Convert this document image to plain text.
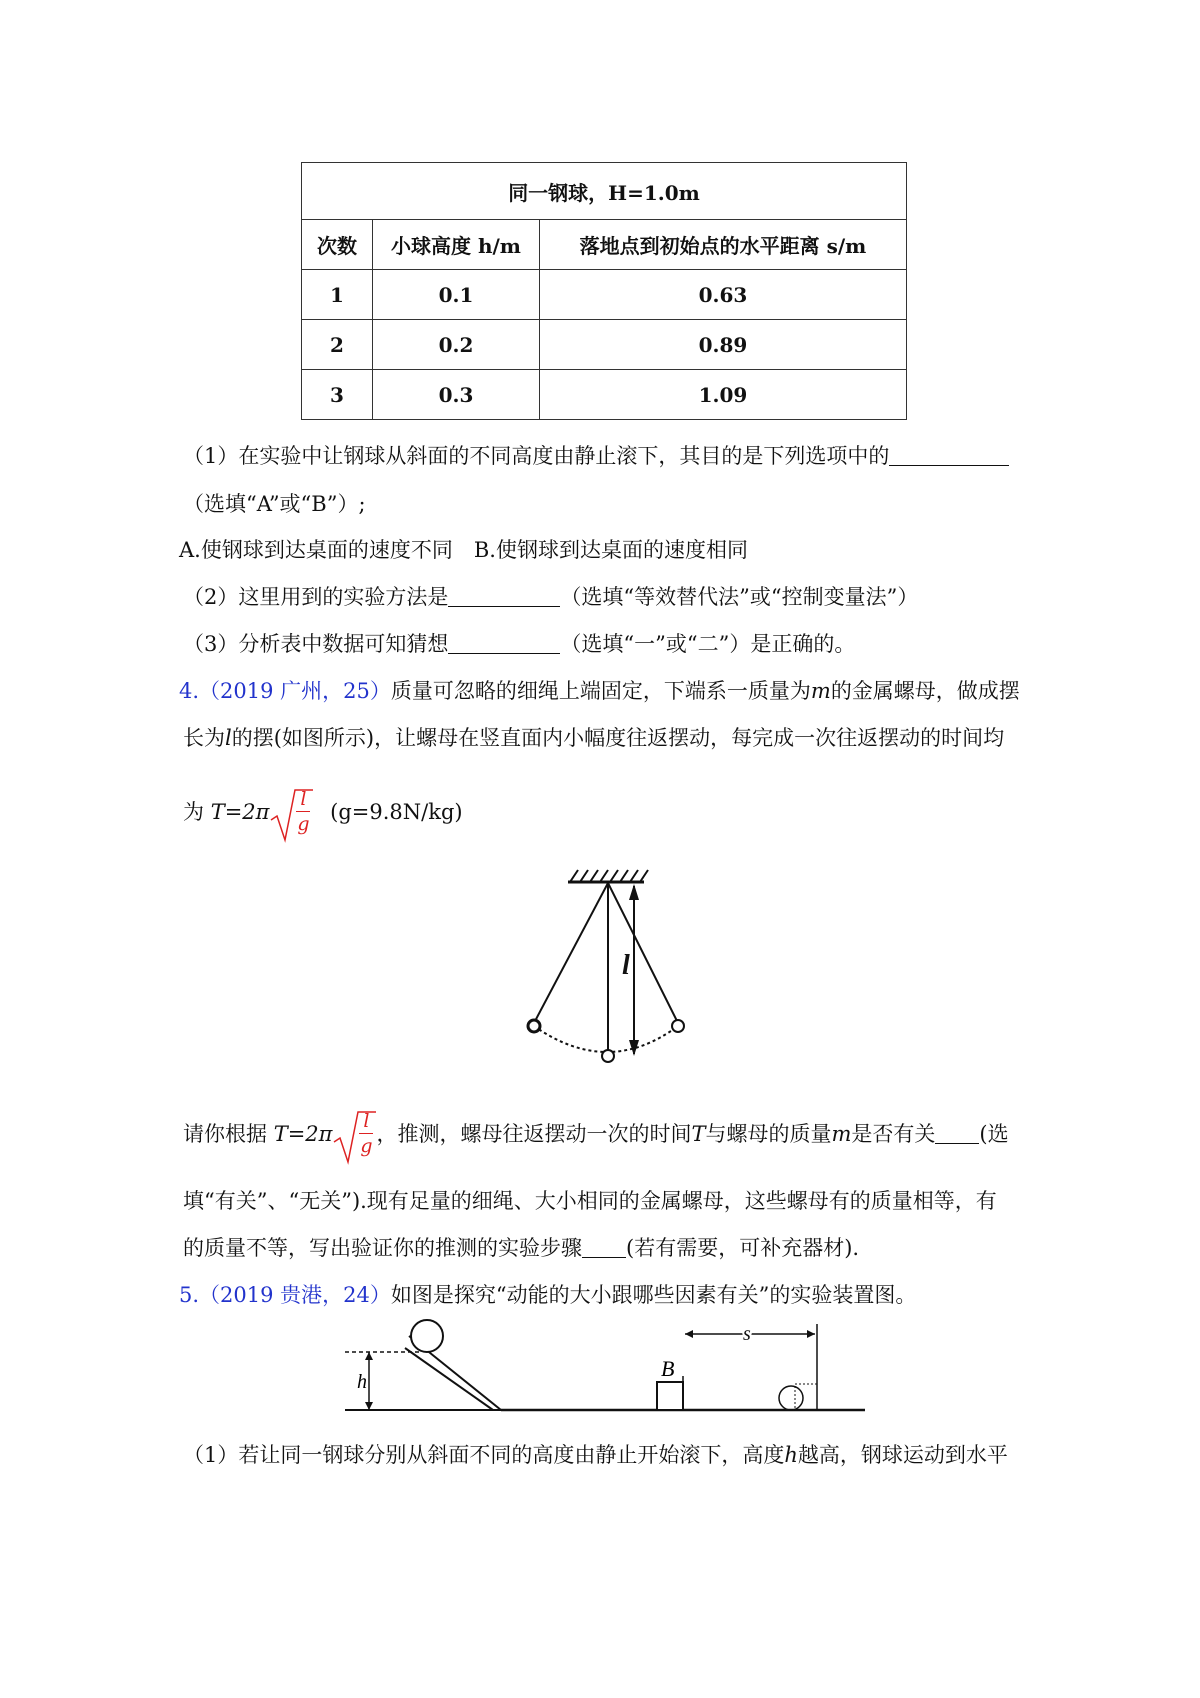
同一钢球，H=1.0m		
次数	小球高度 h/m	落地点到初始点的水平距离 s/m
1	0.1	0.63
2	0.2	0.89
3	0.3	1.09
（1）在实验中让钢球从斜面的不同高度由静止滚下，其目的是下列选项中的
（选填“A”或“B”）;
A.使钢球到达桌面的速度不同　B.使钢球到达桌面的速度相同
（2）这里用到的实验方法是	（选填“等效替代法”或“控制变量法”）
（3）分析表中数据可知猜想	（选填“一”或“二”）是正确的。
4.（2019 广州，25）质量可忽略的细绳上端固定，下端系一质量为m的金属螺母，做成摆
长为l的摆(如图所示)，让螺母在竖直面内小幅度往返摆动，每完成一次往返摆动的时间均
为 T=2π
l
g
(g=9.8N/kg)
l
请你根据 T=2π
l
g
，推测，螺母往返摆动一次的时间T与螺母的质量m是否有关 (选
填“有关”、“无关”).现有足量的细绳、大小相同的金属螺母，这些螺母有的质量相等，有
的质量不等，写出验证你的推测的实验步骤 (若有需要，可补充器材).
5.（2019 贵港，24）如图是探究“动能的大小跟哪些因素有关”的实验装置图。
h
B
s
（1）若让同一钢球分别从斜面不同的高度由静止开始滚下，高度h越高，钢球运动到水平
